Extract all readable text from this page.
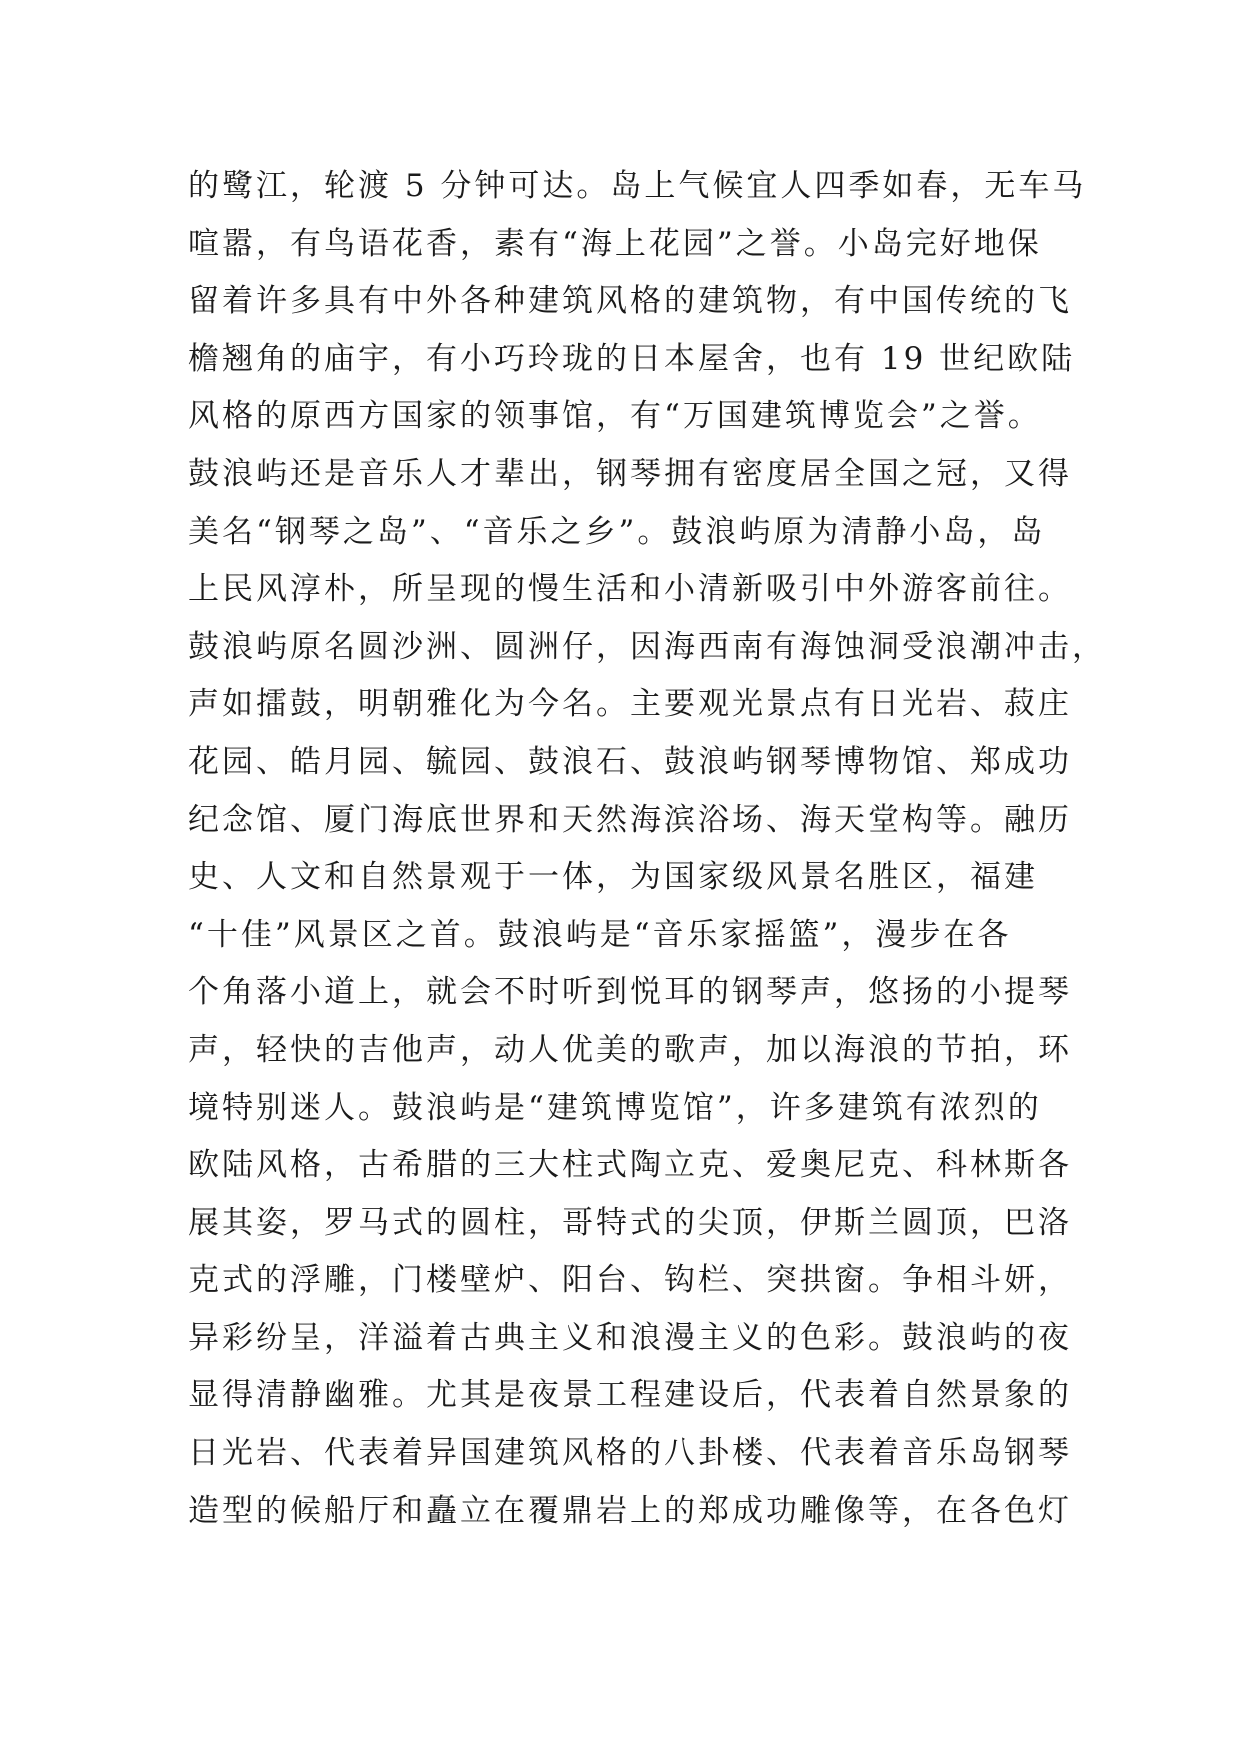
的鹭江，轮渡 5 分钟可达。岛上气候宜人四季如春，无车马
喧嚣，有鸟语花香，素有“海上花园”之誉。小岛完好地保
留着许多具有中外各种建筑风格的建筑物，有中国传统的飞
檐翘角的庙宇，有小巧玲珑的日本屋舍，也有 19 世纪欧陆
风格的原西方国家的领事馆，有“万国建筑博览会”之誉。
鼓浪屿还是音乐人才辈出，钢琴拥有密度居全国之冠，又得
美名“钢琴之岛”、“音乐之乡”。鼓浪屿原为清静小岛，岛
上民风淳朴，所呈现的慢生活和小清新吸引中外游客前往。
鼓浪屿原名圆沙洲、圆洲仔，因海西南有海蚀洞受浪潮冲击，
声如擂鼓，明朝雅化为今名。主要观光景点有日光岩、菽庄
花园、皓月园、毓园、鼓浪石、鼓浪屿钢琴博物馆、郑成功
纪念馆、厦门海底世界和天然海滨浴场、海天堂构等。融历
史、人文和自然景观于一体，为国家级风景名胜区，福建
“十佳”风景区之首。鼓浪屿是“音乐家摇篮”，漫步在各
个角落小道上，就会不时听到悦耳的钢琴声，悠扬的小提琴
声，轻快的吉他声，动人优美的歌声，加以海浪的节拍，环
境特别迷人。鼓浪屿是“建筑博览馆”，许多建筑有浓烈的
欧陆风格，古希腊的三大柱式陶立克、爱奥尼克、科林斯各
展其姿，罗马式的圆柱，哥特式的尖顶，伊斯兰圆顶，巴洛
克式的浮雕，门楼壁炉、阳台、钩栏、突拱窗。争相斗妍，
异彩纷呈，洋溢着古典主义和浪漫主义的色彩。鼓浪屿的夜
显得清静幽雅。尤其是夜景工程建设后，代表着自然景象的
日光岩、代表着异国建筑风格的八卦楼、代表着音乐岛钢琴
造型的候船厅和矗立在覆鼎岩上的郑成功雕像等，在各色灯
